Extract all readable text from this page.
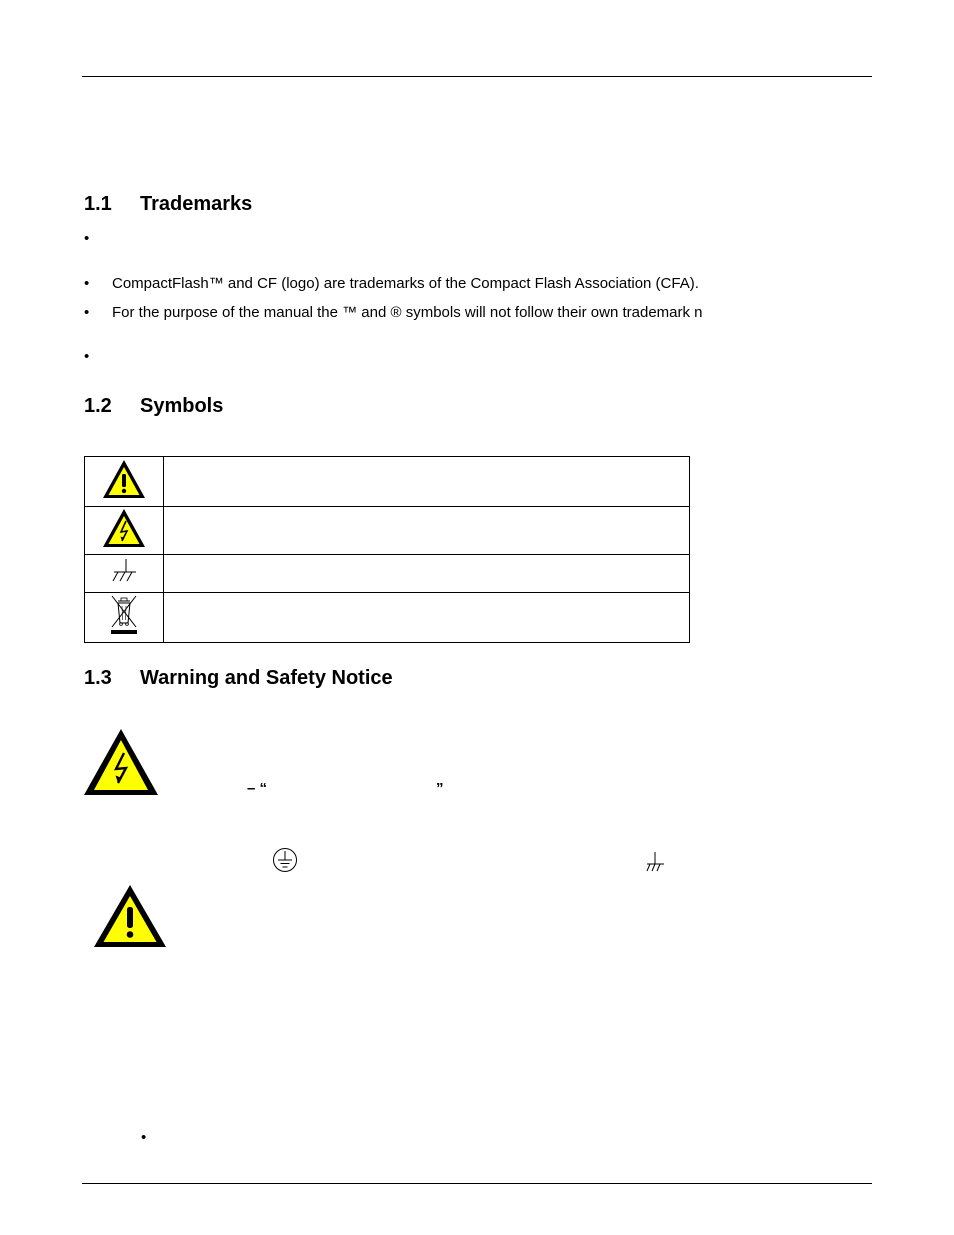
1.1 Trademarks
•
• CompactFlash™ and CF (logo) are trademarks of the Compact Flash Association (CFA).
• For the purpose of the manual the ™ and ® symbols will not follow their own trademark n
•
1.2 Symbols

1.3 Warning and Safety Notice
– “	”
•
